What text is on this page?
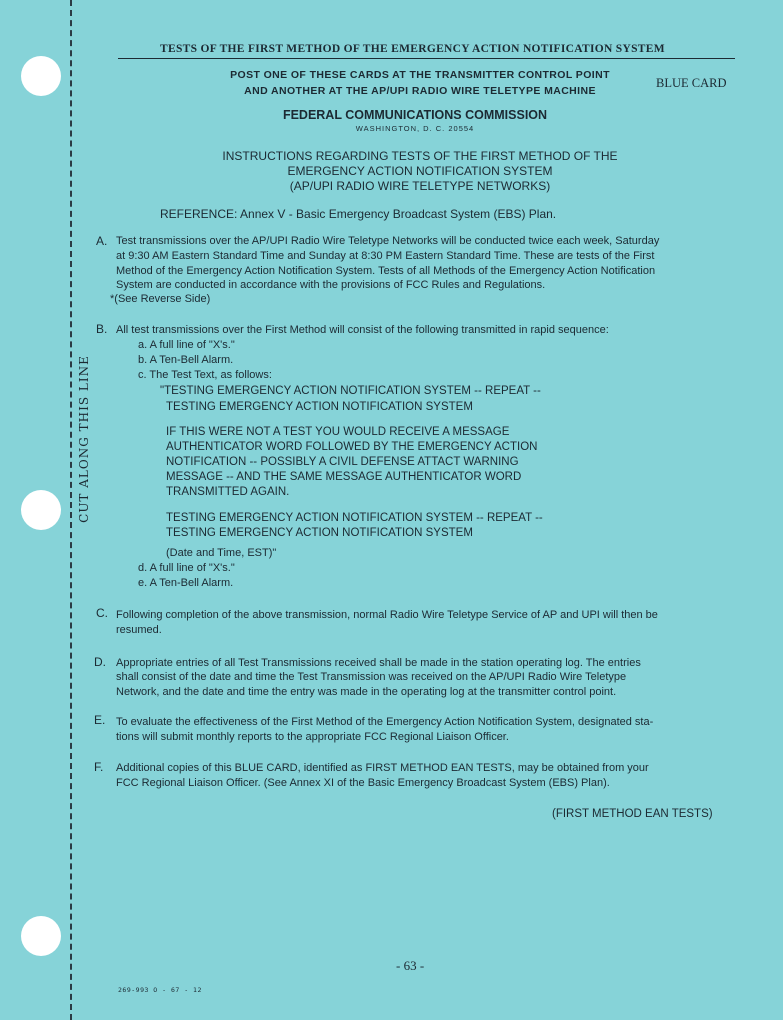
CUT ALONG THIS LINE
TESTS OF THE FIRST METHOD OF THE EMERGENCY ACTION NOTIFICATION SYSTEM
POST ONE OF THESE CARDS AT THE TRANSMITTER CONTROL POINT
AND ANOTHER AT THE AP/UPI RADIO WIRE TELETYPE MACHINE
BLUE CARD
FEDERAL COMMUNICATIONS COMMISSION
WASHINGTON, D. C. 20554
INSTRUCTIONS REGARDING TESTS OF THE FIRST METHOD OF THE
EMERGENCY ACTION NOTIFICATION SYSTEM
(AP/UPI RADIO WIRE TELETYPE NETWORKS)
REFERENCE: Annex V - Basic Emergency Broadcast System (EBS) Plan.
A. Test transmissions over the AP/UPI Radio Wire Teletype Networks will be conducted twice each week, Saturday
at 9:30 AM Eastern Standard Time and Sunday at 8:30 PM Eastern Standard Time. These are tests of the First
Method of the Emergency Action Notification System. Tests of all Methods of the Emergency Action Notification
System are conducted in accordance with the provisions of FCC Rules and Regulations.
*(See Reverse Side)
B. All test transmissions over the First Method will consist of the following transmitted in rapid sequence:
a. A full line of "X's."
b. A Ten-Bell Alarm.
c. The Test Text, as follows:
"TESTING EMERGENCY ACTION NOTIFICATION SYSTEM -- REPEAT --
TESTING EMERGENCY ACTION NOTIFICATION SYSTEM
IF THIS WERE NOT A TEST YOU WOULD RECEIVE A MESSAGE
AUTHENTICATOR WORD FOLLOWED BY THE EMERGENCY ACTION
NOTIFICATION -- POSSIBLY A CIVIL DEFENSE ATTACT WARNING
MESSAGE -- AND THE SAME MESSAGE AUTHENTICATOR WORD
TRANSMITTED AGAIN.
TESTING EMERGENCY ACTION NOTIFICATION SYSTEM -- REPEAT --
TESTING EMERGENCY ACTION NOTIFICATION SYSTEM
(Date and Time, EST)"
d. A full line of "X's."
e. A Ten-Bell Alarm.
C. Following completion of the above transmission, normal Radio Wire Teletype Service of AP and UPI will then be
resumed.
D. Appropriate entries of all Test Transmissions received shall be made in the station operating log. The entries
shall consist of the date and time the Test Transmission was received on the AP/UPI Radio Wire Teletype
Network, and the date and time the entry was made in the operating log at the transmitter control point.
E. To evaluate the effectiveness of the First Method of the Emergency Action Notification System, designated sta-
tions will submit monthly reports to the appropriate FCC Regional Liaison Officer.
F. Additional copies of this BLUE CARD, identified as FIRST METHOD EAN TESTS, may be obtained from your
FCC Regional Liaison Officer. (See Annex XI of the Basic Emergency Broadcast System (EBS) Plan).
(FIRST METHOD EAN TESTS)
- 63 -
269-993 O - 67 - 12
